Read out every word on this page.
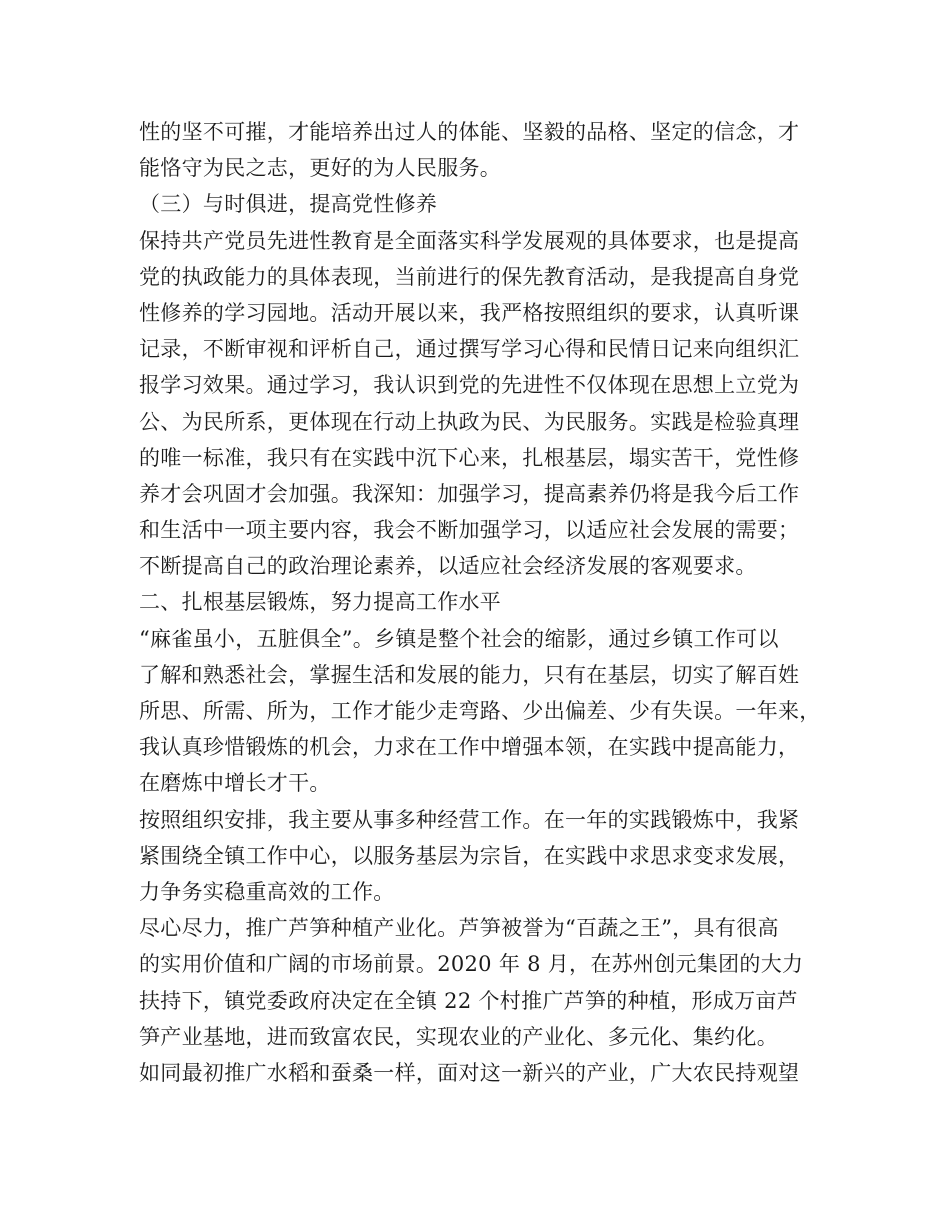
性的坚不可摧，才能培养出过人的体能、坚毅的品格、坚定的信念，才
能恪守为民之志，更好的为人民服务。
（三）与时俱进，提高党性修养
保持共产党员先进性教育是全面落实科学发展观的具体要求，也是提高
党的执政能力的具体表现，当前进行的保先教育活动，是我提高自身党
性修养的学习园地。活动开展以来，我严格按照组织的要求，认真听课
记录，不断审视和评析自己，通过撰写学习心得和民情日记来向组织汇
报学习效果。通过学习，我认识到党的先进性不仅体现在思想上立党为
公、为民所系，更体现在行动上执政为民、为民服务。实践是检验真理
的唯一标准，我只有在实践中沉下心来，扎根基层，塌实苦干，党性修
养才会巩固才会加强。我深知：加强学习，提高素养仍将是我今后工作
和生活中一项主要内容，我会不断加强学习，以适应社会发展的需要；
不断提高自己的政治理论素养，以适应社会经济发展的客观要求。
二、扎根基层锻炼，努力提高工作水平
“麻雀虽小，五脏俱全”。乡镇是整个社会的缩影，通过乡镇工作可以
了解和熟悉社会，掌握生活和发展的能力，只有在基层，切实了解百姓
所思、所需、所为，工作才能少走弯路、少出偏差、少有失误。一年来，
我认真珍惜锻炼的机会，力求在工作中增强本领，在实践中提高能力，
在磨炼中增长才干。
按照组织安排，我主要从事多种经营工作。在一年的实践锻炼中，我紧
紧围绕全镇工作中心，以服务基层为宗旨，在实践中求思求变求发展，
力争务实稳重高效的工作。
尽心尽力，推广芦笋种植产业化。芦笋被誉为“百蔬之王”，具有很高
的实用价值和广阔的市场前景。2020 年 8 月，在苏州创元集团的大力
扶持下，镇党委政府决定在全镇 22 个村推广芦笋的种植，形成万亩芦
笋产业基地，进而致富农民，实现农业的产业化、多元化、集约化。
如同最初推广水稻和蚕桑一样，面对这一新兴的产业，广大农民持观望
